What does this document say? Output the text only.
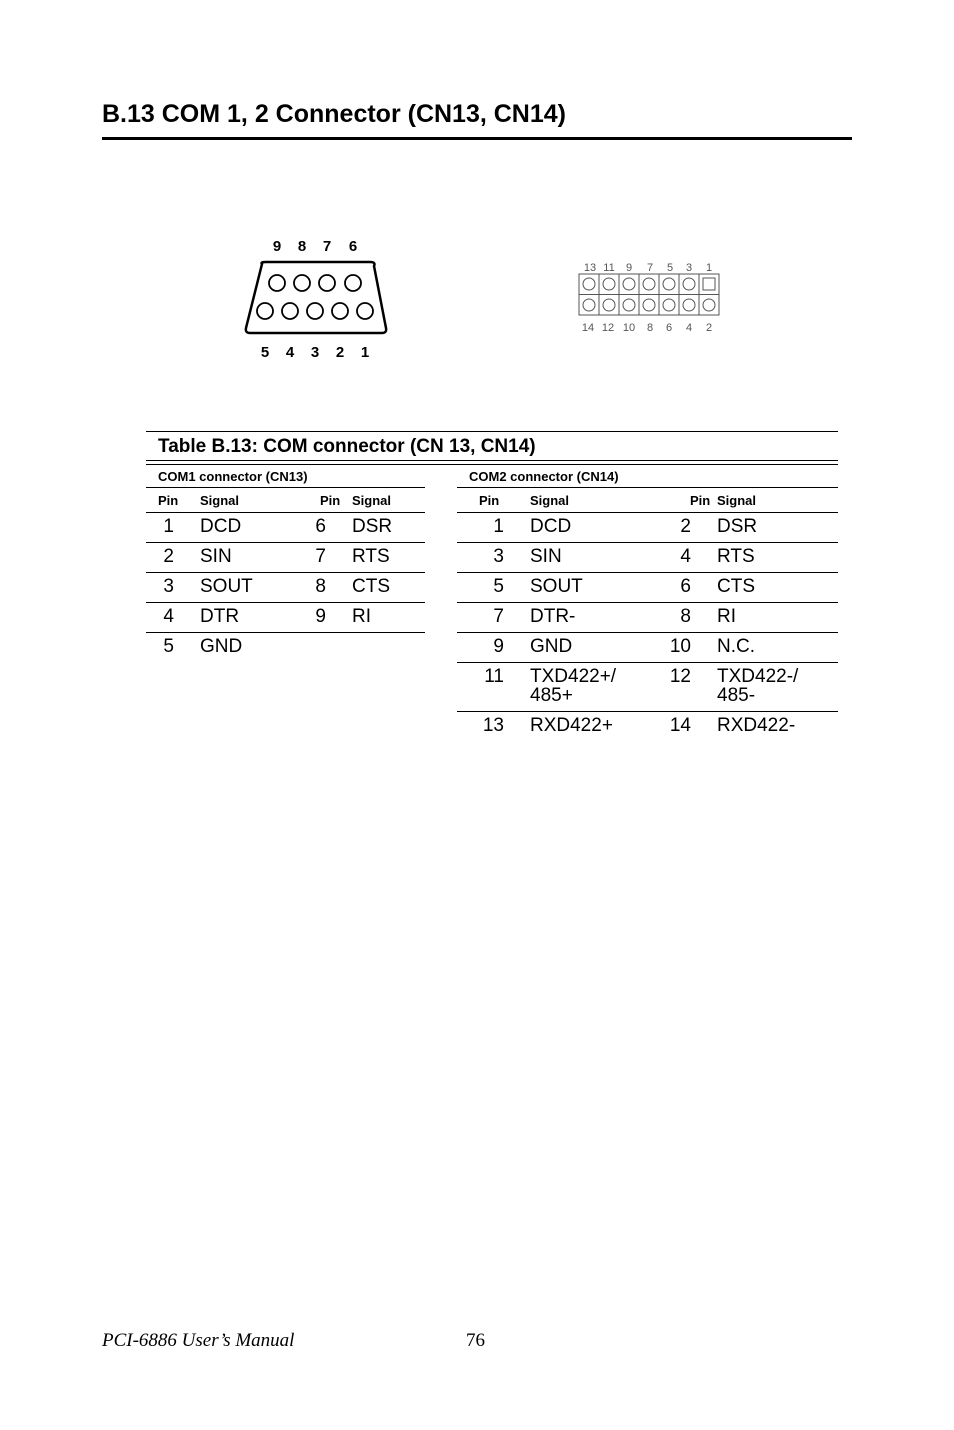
B.13 COM 1, 2 Connector (CN13, CN14)
9 8 7 6
5 4 3 2 1
13 11 9 7 5 3 1
14 12 10 8 6 4 2
Table B.13: COM connector (CN 13, CN14)
COM1 connector (CN13)			
Pin	Signal	Pin	Signal
1	DCD	6	DSR
2	SIN	7	RTS
3	SOUT	8	CTS
4	DTR	9	RI
5	GND		
COM2 connector (CN14)			
Pin	Signal	Pin	Signal
1	DCD	2	DSR
3	SIN	4	RTS
5	SOUT	6	CTS
7	DTR-	8	RI
9	GND	10	N.C.
11	TXD422+/ 485+	12	TXD422-/ 485-
13	RXD422+	14	RXD422-
PCI-6886 User’s Manual	76
